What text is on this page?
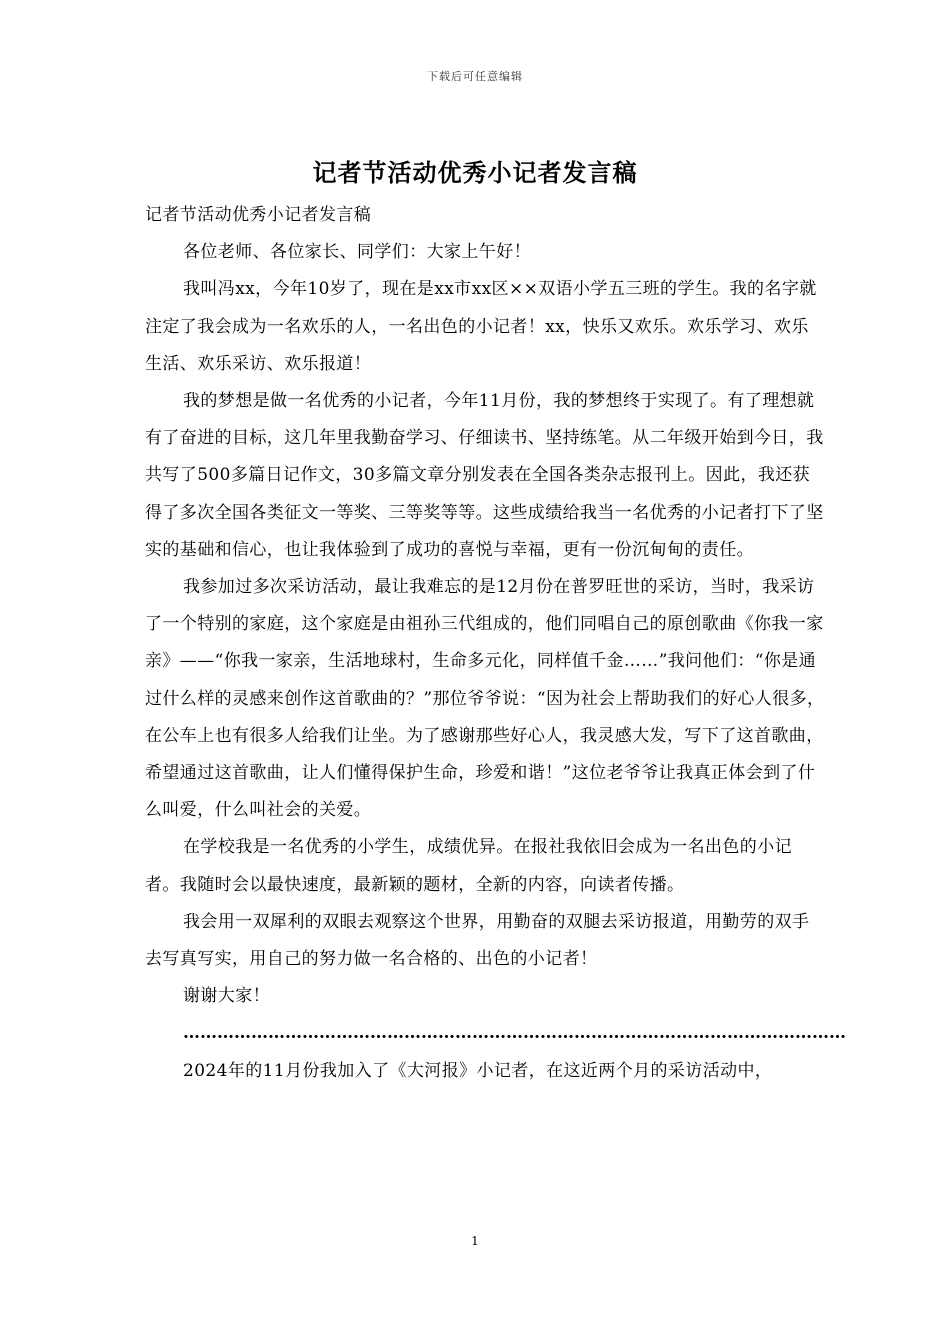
下载后可任意编辑
记者节活动优秀小记者发言稿

记者节活动优秀小记者发言稿

各位老师、各位家长、同学们：大家上午好！

我叫冯xx，今年10岁了，现在是xx市xx区××双语小学五三班的学生。我的名字就注定了我会成为一名欢乐的人，一名出色的小记者！xx，快乐又欢乐。欢乐学习、欢乐生活、欢乐采访、欢乐报道！

我的梦想是做一名优秀的小记者，今年11月份，我的梦想终于实现了。有了理想就有了奋进的目标，这几年里我勤奋学习、仔细读书、坚持练笔。从二年级开始到今日，我共写了500多篇日记作文，30多篇文章分别发表在全国各类杂志报刊上。因此，我还获得了多次全国各类征文一等奖、三等奖等等。这些成绩给我当一名优秀的小记者打下了坚实的基础和信心，也让我体验到了成功的喜悦与幸福，更有一份沉甸甸的责任。

我参加过多次采访活动，最让我难忘的是12月份在普罗旺世的采访，当时，我采访了一个特别的家庭，这个家庭是由祖孙三代组成的，他们同唱自己的原创歌曲《你我一家亲》——“你我一家亲，生活地球村，生命多元化，同样值千金……”我问他们：“你是通过什么样的灵感来创作这首歌曲的？”那位爷爷说：“因为社会上帮助我们的好心人很多，在公车上也有很多人给我们让坐。为了感谢那些好心人，我灵感大发，写下了这首歌曲，希望通过这首歌曲，让人们懂得保护生命，珍爱和谐！”这位老爷爷让我真正体会到了什么叫爱，什么叫社会的关爱。

在学校我是一名优秀的小学生，成绩优异。在报社我依旧会成为一名出色的小记者。我随时会以最快速度，最新颖的题材，全新的内容，向读者传播。

我会用一双犀利的双眼去观察这个世界，用勤奋的双腿去采访报道，用勤劳的双手去写真写实，用自己的努力做一名合格的、出色的小记者！

谢谢大家！

………………………………………………………………………………………………………

2024年的11月份我加入了《大河报》小记者，在这近两个月的采访活动中，

1
